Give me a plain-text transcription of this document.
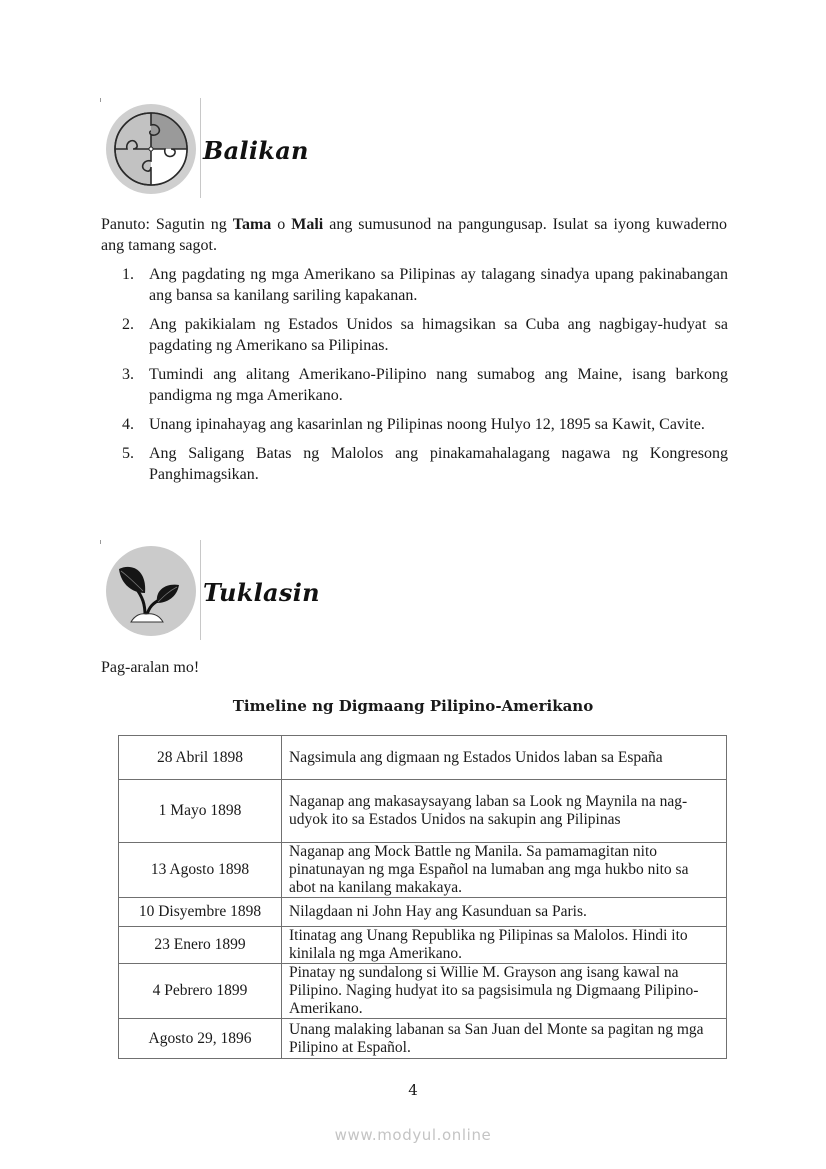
Balikan
Panuto: Sagutin ng Tama o Mali ang sumusunod na pangungusap. Isulat sa iyong kuwaderno ang tamang sagot.
1. Ang pagdating ng mga Amerikano sa Pilipinas ay talagang sinadya upang pakinabangan ang bansa sa kanilang sariling kapakanan.
2. Ang pakikialam ng Estados Unidos sa himagsikan sa Cuba ang nagbigay-hudyat sa pagdating ng Amerikano sa Pilipinas.
3. Tumindi ang alitang Amerikano-Pilipino nang sumabog ang Maine, isang barkong pandigma ng mga Amerikano.
4. Unang ipinahayag ang kasarinlan ng Pilipinas noong Hulyo 12, 1895 sa Kawit, Cavite.
5. Ang Saligang Batas ng Malolos ang pinakamahalagang nagawa ng Kongresong Panghimagsikan.
Tuklasin
Pag-aralan mo!
Timeline ng Digmaang Pilipino-Amerikano
28 Abril 1898	Nagsimula ang digmaan ng Estados Unidos laban sa España
1 Mayo 1898	Naganap ang makasaysayang laban sa Look ng Maynila na nag-udyok ito sa Estados Unidos na sakupin ang Pilipinas
13 Agosto 1898	Naganap ang Mock Battle ng Manila. Sa pamamagitan nito pinatunayan ng mga Español na lumaban ang mga hukbo nito sa abot na kanilang makakaya.
10 Disyembre 1898	Nilagdaan ni John Hay ang Kasunduan sa Paris.
23 Enero 1899	Itinatag ang Unang Republika ng Pilipinas sa Malolos. Hindi ito kinilala ng mga Amerikano.
4 Pebrero 1899	Pinatay ng sundalong si Willie M. Grayson ang isang kawal na Pilipino. Naging hudyat ito sa pagsisimula ng Digmaang Pilipino-Amerikano.
Agosto 29, 1896	Unang malaking labanan sa San Juan del Monte sa pagitan ng mga Pilipino at Español.
4
www.modyul.online
